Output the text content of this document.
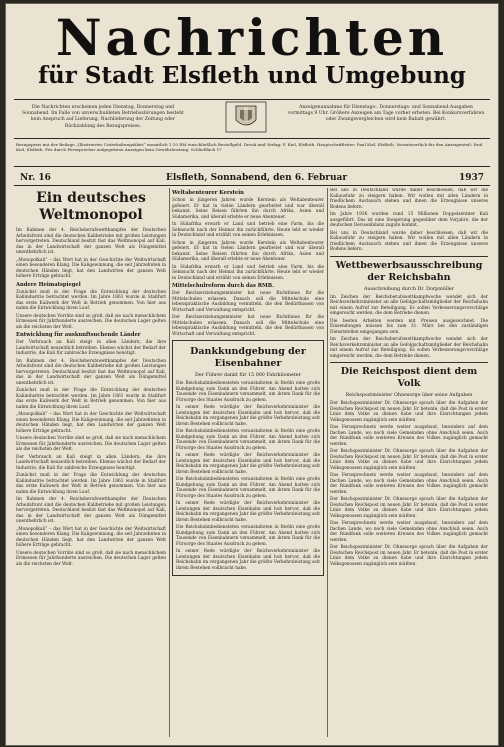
Nachrichten
für Stadt Elsfleth und Umgebung
Die Nachrichten erscheinen jeden Dienstag, Donnerstag und Sonnabend. Im Falle von unverschuldeten Betriebsstörungen besteht kein Anspruch auf Lieferung, Nachlieferung der Zeitung oder Rückzahlung des Bezugspreises.
Anzeigenannahme für Dienstags-, Donnerstags- und Sonnabend-Ausgaben vormittags 9 Uhr. Größere Anzeigen am Tage vorher erbeten. Bei Konkursverfahren oder Zwangsvergleichen wird kein Rabatt gewährt.
Bezugspreis mit der Beilage „Illustriertes Unterhaltungsblatt“ monatlich 1.10 RM einschließlich Bestellgeld. Druck und Verlag: F. Kiel, Elsfleth. Hauptschriftleiter: Paul Kiel, Elsfleth. Verantwortlich für den Anzeigenteil: Paul Kiel, Elsfleth. Für durch Fernsprecher aufgegebene Anzeigen kein Gewährleistung. Schließfach 17
Nr. 16	Elsfleth, Sonnabend, den 6. Februar	1937
Ein deutsches Weltmonopol

Im Rahmen der 4. Reichsberufswettkampfes der Deutschen Arbeitsfront sind die deutschen Kalibetriebe mit großen Leistungen hervorgetreten. Deutschland besitzt fast das Weltmonopol auf Kali, das in der Landwirtschaft der ganzen Welt als Düngemittel unentbehrlich ist.

„Monopolkali“ – das Wort hat in der Geschichte der Weltwirtschaft einen besonderen Klang. Die Kaligewinnung, die seit Jahrzehnten in deutschen Händen liegt, hat den Landwirten der ganzen Welt höhere Erträge gebracht.

Andere Heimatspiegel

Zunächst muß in der Frage die Entwicklung der deutschen Kaliindustrie betrachtet werden. Im Jahre 1861 wurde in Staßfurt das erste Kaliwerk der Welt in Betrieb genommen. Von hier aus nahm die Entwicklung ihren Lauf.

Unsere deutschen Vorräte sind so groß, daß sie nach menschlichem Ermessen für Jahrhunderte ausreichen. Die deutschen Lager gelten als die reichsten der Welt.

Entwicklung für auskunftsuchende Länder

Der Verbrauch an Kali steigt in allen Ländern, die ihre Landwirtschaft neuzeitlich betreiben. Ebenso wächst der Bedarf der Industrie, die Kali für zahlreiche Erzeugnisse benötigt.

Im Rahmen der 4. Reichsberufswettkampfes der Deutschen Arbeitsfront sind die deutschen Kalibetriebe mit großen Leistungen hervorgetreten. Deutschland besitzt fast das Weltmonopol auf Kali, das in der Landwirtschaft der ganzen Welt als Düngemittel unentbehrlich ist.

Zunächst muß in der Frage die Entwicklung der deutschen Kaliindustrie betrachtet werden. Im Jahre 1861 wurde in Staßfurt das erste Kaliwerk der Welt in Betrieb genommen. Von hier aus nahm die Entwicklung ihren Lauf.

„Monopolkali“ – das Wort hat in der Geschichte der Weltwirtschaft einen besonderen Klang. Die Kaligewinnung, die seit Jahrzehnten in deutschen Händen liegt, hat den Landwirten der ganzen Welt höhere Erträge gebracht.

Unsere deutschen Vorräte sind so groß, daß sie nach menschlichem Ermessen für Jahrhunderte ausreichen. Die deutschen Lager gelten als die reichsten der Welt.

Der Verbrauch an Kali steigt in allen Ländern, die ihre Landwirtschaft neuzeitlich betreiben. Ebenso wächst der Bedarf der Industrie, die Kali für zahlreiche Erzeugnisse benötigt.

Zunächst muß in der Frage die Entwicklung der deutschen Kaliindustrie betrachtet werden. Im Jahre 1861 wurde in Staßfurt das erste Kaliwerk der Welt in Betrieb genommen. Von hier aus nahm die Entwicklung ihren Lauf.

Im Rahmen der 4. Reichsberufswettkampfes der Deutschen Arbeitsfront sind die deutschen Kalibetriebe mit großen Leistungen hervorgetreten. Deutschland besitzt fast das Weltmonopol auf Kali, das in der Landwirtschaft der ganzen Welt als Düngemittel unentbehrlich ist.

„Monopolkali“ – das Wort hat in der Geschichte der Weltwirtschaft einen besonderen Klang. Die Kaligewinnung, die seit Jahrzehnten in deutschen Händen liegt, hat den Landwirten der ganzen Welt höhere Erträge gebracht.

Unsere deutschen Vorräte sind so groß, daß sie nach menschlichem Ermessen für Jahrhunderte ausreichen. Die deutschen Lager gelten als die reichsten der Welt.

Weltabenteurer Kerstein

Schon in jüngeren Jahren wurde Kerstein als Weltabenteurer gefeiert. Er hat in vielen Ländern gearbeitet und war überall bekannt. Seine Reisen führten ihn durch Afrika, Asien und Südamerika, und überall erlebte er neue Abenteuer.

In Südafrika erwarb er Land und betrieb eine Farm, bis die Sehnsucht nach der Heimat ihn zurückführte. Heute lebt er wieder in Deutschland und erzählt von seinen Erlebnissen.

Schon in jüngeren Jahren wurde Kerstein als Weltabenteurer gefeiert. Er hat in vielen Ländern gearbeitet und war überall bekannt. Seine Reisen führten ihn durch Afrika, Asien und Südamerika, und überall erlebte er neue Abenteuer.

In Südafrika erwarb er Land und betrieb eine Farm, bis die Sehnsucht nach der Heimat ihn zurückführte. Heute lebt er wieder in Deutschland und erzählt von seinen Erlebnissen.

Mittelschulreform durch das RMB.

Der Reichserziehungsminister hat neue Richtlinien für die Mittelschulen erlassen. Danach soll die Mittelschule eine lebenspraktische Ausbildung vermitteln, die den Bedürfnissen von Wirtschaft und Verwaltung entspricht.

Der Reichserziehungsminister hat neue Richtlinien für die Mittelschulen erlassen. Danach soll die Mittelschule eine lebenspraktische Ausbildung vermitteln, die den Bedürfnissen von Wirtschaft und Verwaltung entspricht.

Dankkundgebung der Eisenbahner
Der Führer dankt für 15 000 Fahrkilometer

Die Reichsbahnbediensteten veranstalteten in Berlin eine große Kundgebung zum Dank an den Führer. Am Abend hatten sich Tausende von Eisenbahnern versammelt, um ihrem Dank für die Fürsorge des Staates Ausdruck zu geben.

In seiner Rede würdigte der Reichsverkehrsminister die Leistungen der deutschen Eisenbahn und hob hervor, daß die Reichsbahn im vergangenen Jahr die größte Verkehrsleistung seit ihrem Bestehen vollbracht habe.

Die Reichsbahnbediensteten veranstalteten in Berlin eine große Kundgebung zum Dank an den Führer. Am Abend hatten sich Tausende von Eisenbahnern versammelt, um ihrem Dank für die Fürsorge des Staates Ausdruck zu geben.

In seiner Rede würdigte der Reichsverkehrsminister die Leistungen der deutschen Eisenbahn und hob hervor, daß die Reichsbahn im vergangenen Jahr die größte Verkehrsleistung seit ihrem Bestehen vollbracht habe.

Die Reichsbahnbediensteten veranstalteten in Berlin eine große Kundgebung zum Dank an den Führer. Am Abend hatten sich Tausende von Eisenbahnern versammelt, um ihrem Dank für die Fürsorge des Staates Ausdruck zu geben.

In seiner Rede würdigte der Reichsverkehrsminister die Leistungen der deutschen Eisenbahn und hob hervor, daß die Reichsbahn im vergangenen Jahr die größte Verkehrsleistung seit ihrem Bestehen vollbracht habe.

Die Reichsbahnbediensteten veranstalteten in Berlin eine große Kundgebung zum Dank an den Führer. Am Abend hatten sich Tausende von Eisenbahnern versammelt, um ihrem Dank für die Fürsorge des Staates Ausdruck zu geben.

In seiner Rede würdigte der Reichsverkehrsminister die Leistungen der deutschen Eisenbahn und hob hervor, daß die Reichsbahn im vergangenen Jahr die größte Verkehrsleistung seit ihrem Bestehen vollbracht habe.

Bei uns in Deutschland wurde daher beschlossen, daß wir die Kaliausfuhr zu steigern haben. Wir wollen mit allen Ländern in friedlichem Austausch stehen und ihnen die Erzeugnisse unseres Bodens liefern.

Im Jahre 1936 wurden rund 15 Millionen Doppelzentner Kali ausgeführt. Das ist eine Steigerung gegenüber dem Vorjahre, die der deutschen Devisenbilanz zugute kommt.

Bei uns in Deutschland wurde daher beschlossen, daß wir die Kaliausfuhr zu steigern haben. Wir wollen mit allen Ländern in friedlichem Austausch stehen und ihnen die Erzeugnisse unseres Bodens liefern.

Wettbewerbsausschreibung der Reichsbahn
Ausschreibung durch Dr. Dorpmüller

Im Zeichen der Reichsberufswettkampfwoche wendet sich der Reichsverkehrsminister an alle Gefolgschaftsmitglieder der Reichsbahn mit einem Aufruf zur Beteiligung. Es sollen Verbesserungsvorschläge eingereicht werden, die dem Betriebe dienen.

Die besten Arbeiten werden mit Preisen ausgezeichnet. Die Einsendungen müssen bis zum 31. März bei den zuständigen Dienststellen eingegangen sein.

Im Zeichen der Reichsberufswettkampfwoche wendet sich der Reichsverkehrsminister an alle Gefolgschaftsmitglieder der Reichsbahn mit einem Aufruf zur Beteiligung. Es sollen Verbesserungsvorschläge eingereicht werden, die dem Betriebe dienen.

Die Reichspost dient dem Volk
Reichspostminister Ohnesorge über seine Aufgaben

Der Reichspostminister Dr. Ohnesorge sprach über die Aufgaben der Deutschen Reichspost im neuen Jahr. Er betonte, daß die Post in erster Linie dem Volke zu dienen habe und ihre Einrichtungen jedem Volksgenossen zugänglich sein müßten.

Das Fernsprechnetz werde weiter ausgebaut, besonders auf dem flachen Lande, wo noch viele Gemeinden ohne Anschluß seien. Auch der Rundfunk solle weiteren Kreisen des Volkes zugänglich gemacht werden.

Der Reichspostminister Dr. Ohnesorge sprach über die Aufgaben der Deutschen Reichspost im neuen Jahr. Er betonte, daß die Post in erster Linie dem Volke zu dienen habe und ihre Einrichtungen jedem Volksgenossen zugänglich sein müßten.

Das Fernsprechnetz werde weiter ausgebaut, besonders auf dem flachen Lande, wo noch viele Gemeinden ohne Anschluß seien. Auch der Rundfunk solle weiteren Kreisen des Volkes zugänglich gemacht werden.

Der Reichspostminister Dr. Ohnesorge sprach über die Aufgaben der Deutschen Reichspost im neuen Jahr. Er betonte, daß die Post in erster Linie dem Volke zu dienen habe und ihre Einrichtungen jedem Volksgenossen zugänglich sein müßten.

Das Fernsprechnetz werde weiter ausgebaut, besonders auf dem flachen Lande, wo noch viele Gemeinden ohne Anschluß seien. Auch der Rundfunk solle weiteren Kreisen des Volkes zugänglich gemacht werden.

Der Reichspostminister Dr. Ohnesorge sprach über die Aufgaben der Deutschen Reichspost im neuen Jahr. Er betonte, daß die Post in erster Linie dem Volke zu dienen habe und ihre Einrichtungen jedem Volksgenossen zugänglich sein müßten.
